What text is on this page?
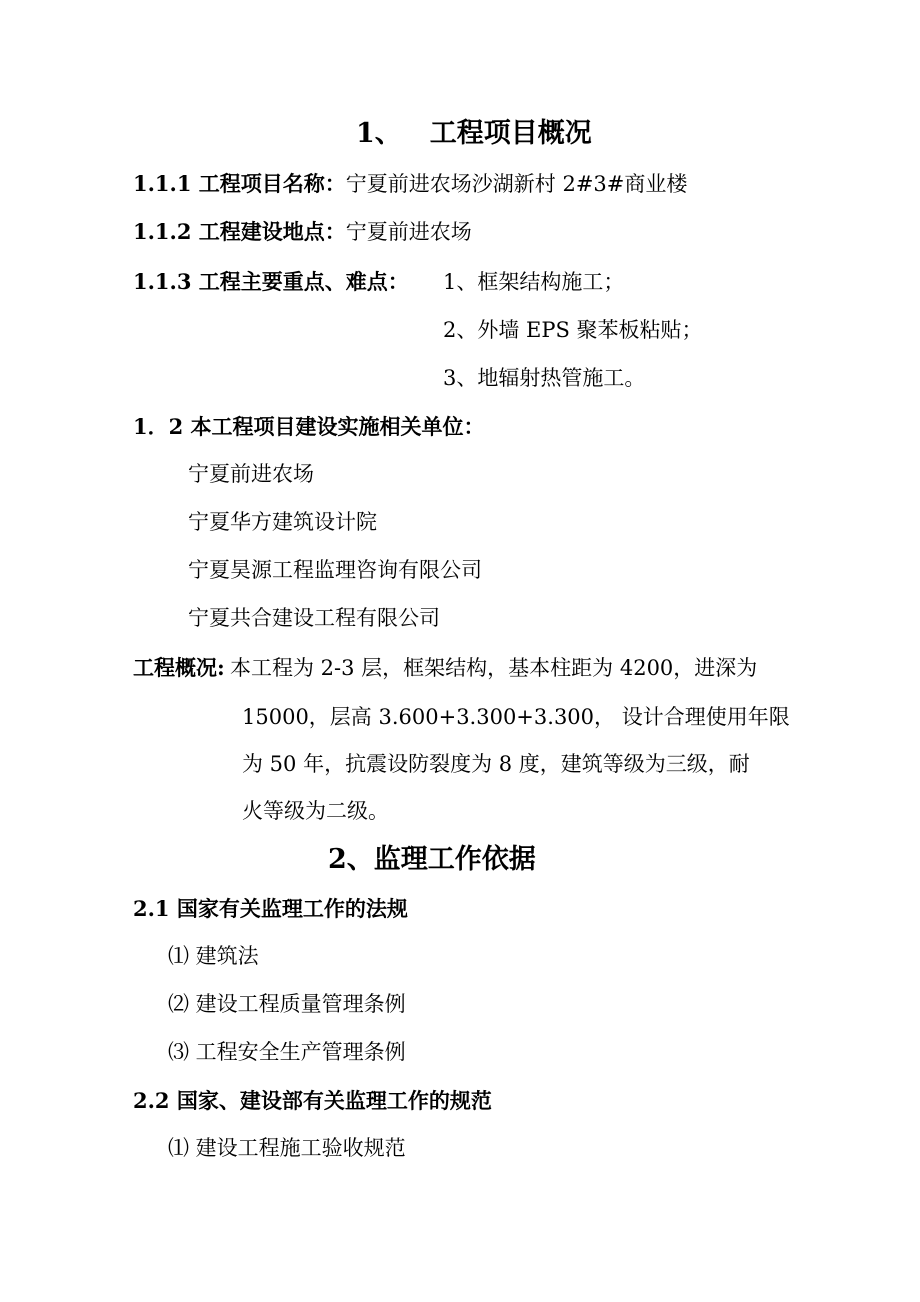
1、 工程项目概况
1.1.1 工程项目名称：宁夏前进农场沙湖新村 2#3#商业楼
1.1.2 工程建设地点：宁夏前进农场
1.1.3 工程主要重点、难点： 1、框架结构施工；
2、外墙 EPS 聚苯板粘贴；
3、地辐射热管施工。
1．2 本工程项目建设实施相关单位：
宁夏前进农场
宁夏华方建筑设计院
宁夏昊源工程监理咨询有限公司
宁夏共合建设工程有限公司
工程概况: 本工程为 2-3 层，框架结构，基本柱距为 4200，进深为
15000，层高 3.600+3.300+3.300， 设计合理使用年限
为 50 年，抗震设防裂度为 8 度，建筑等级为三级，耐
火等级为二级。
2、监理工作依据
2.1 国家有关监理工作的法规
⑴ 建筑法
⑵ 建设工程质量管理条例
⑶ 工程安全生产管理条例
2.2 国家、建设部有关监理工作的规范
⑴ 建设工程施工验收规范
